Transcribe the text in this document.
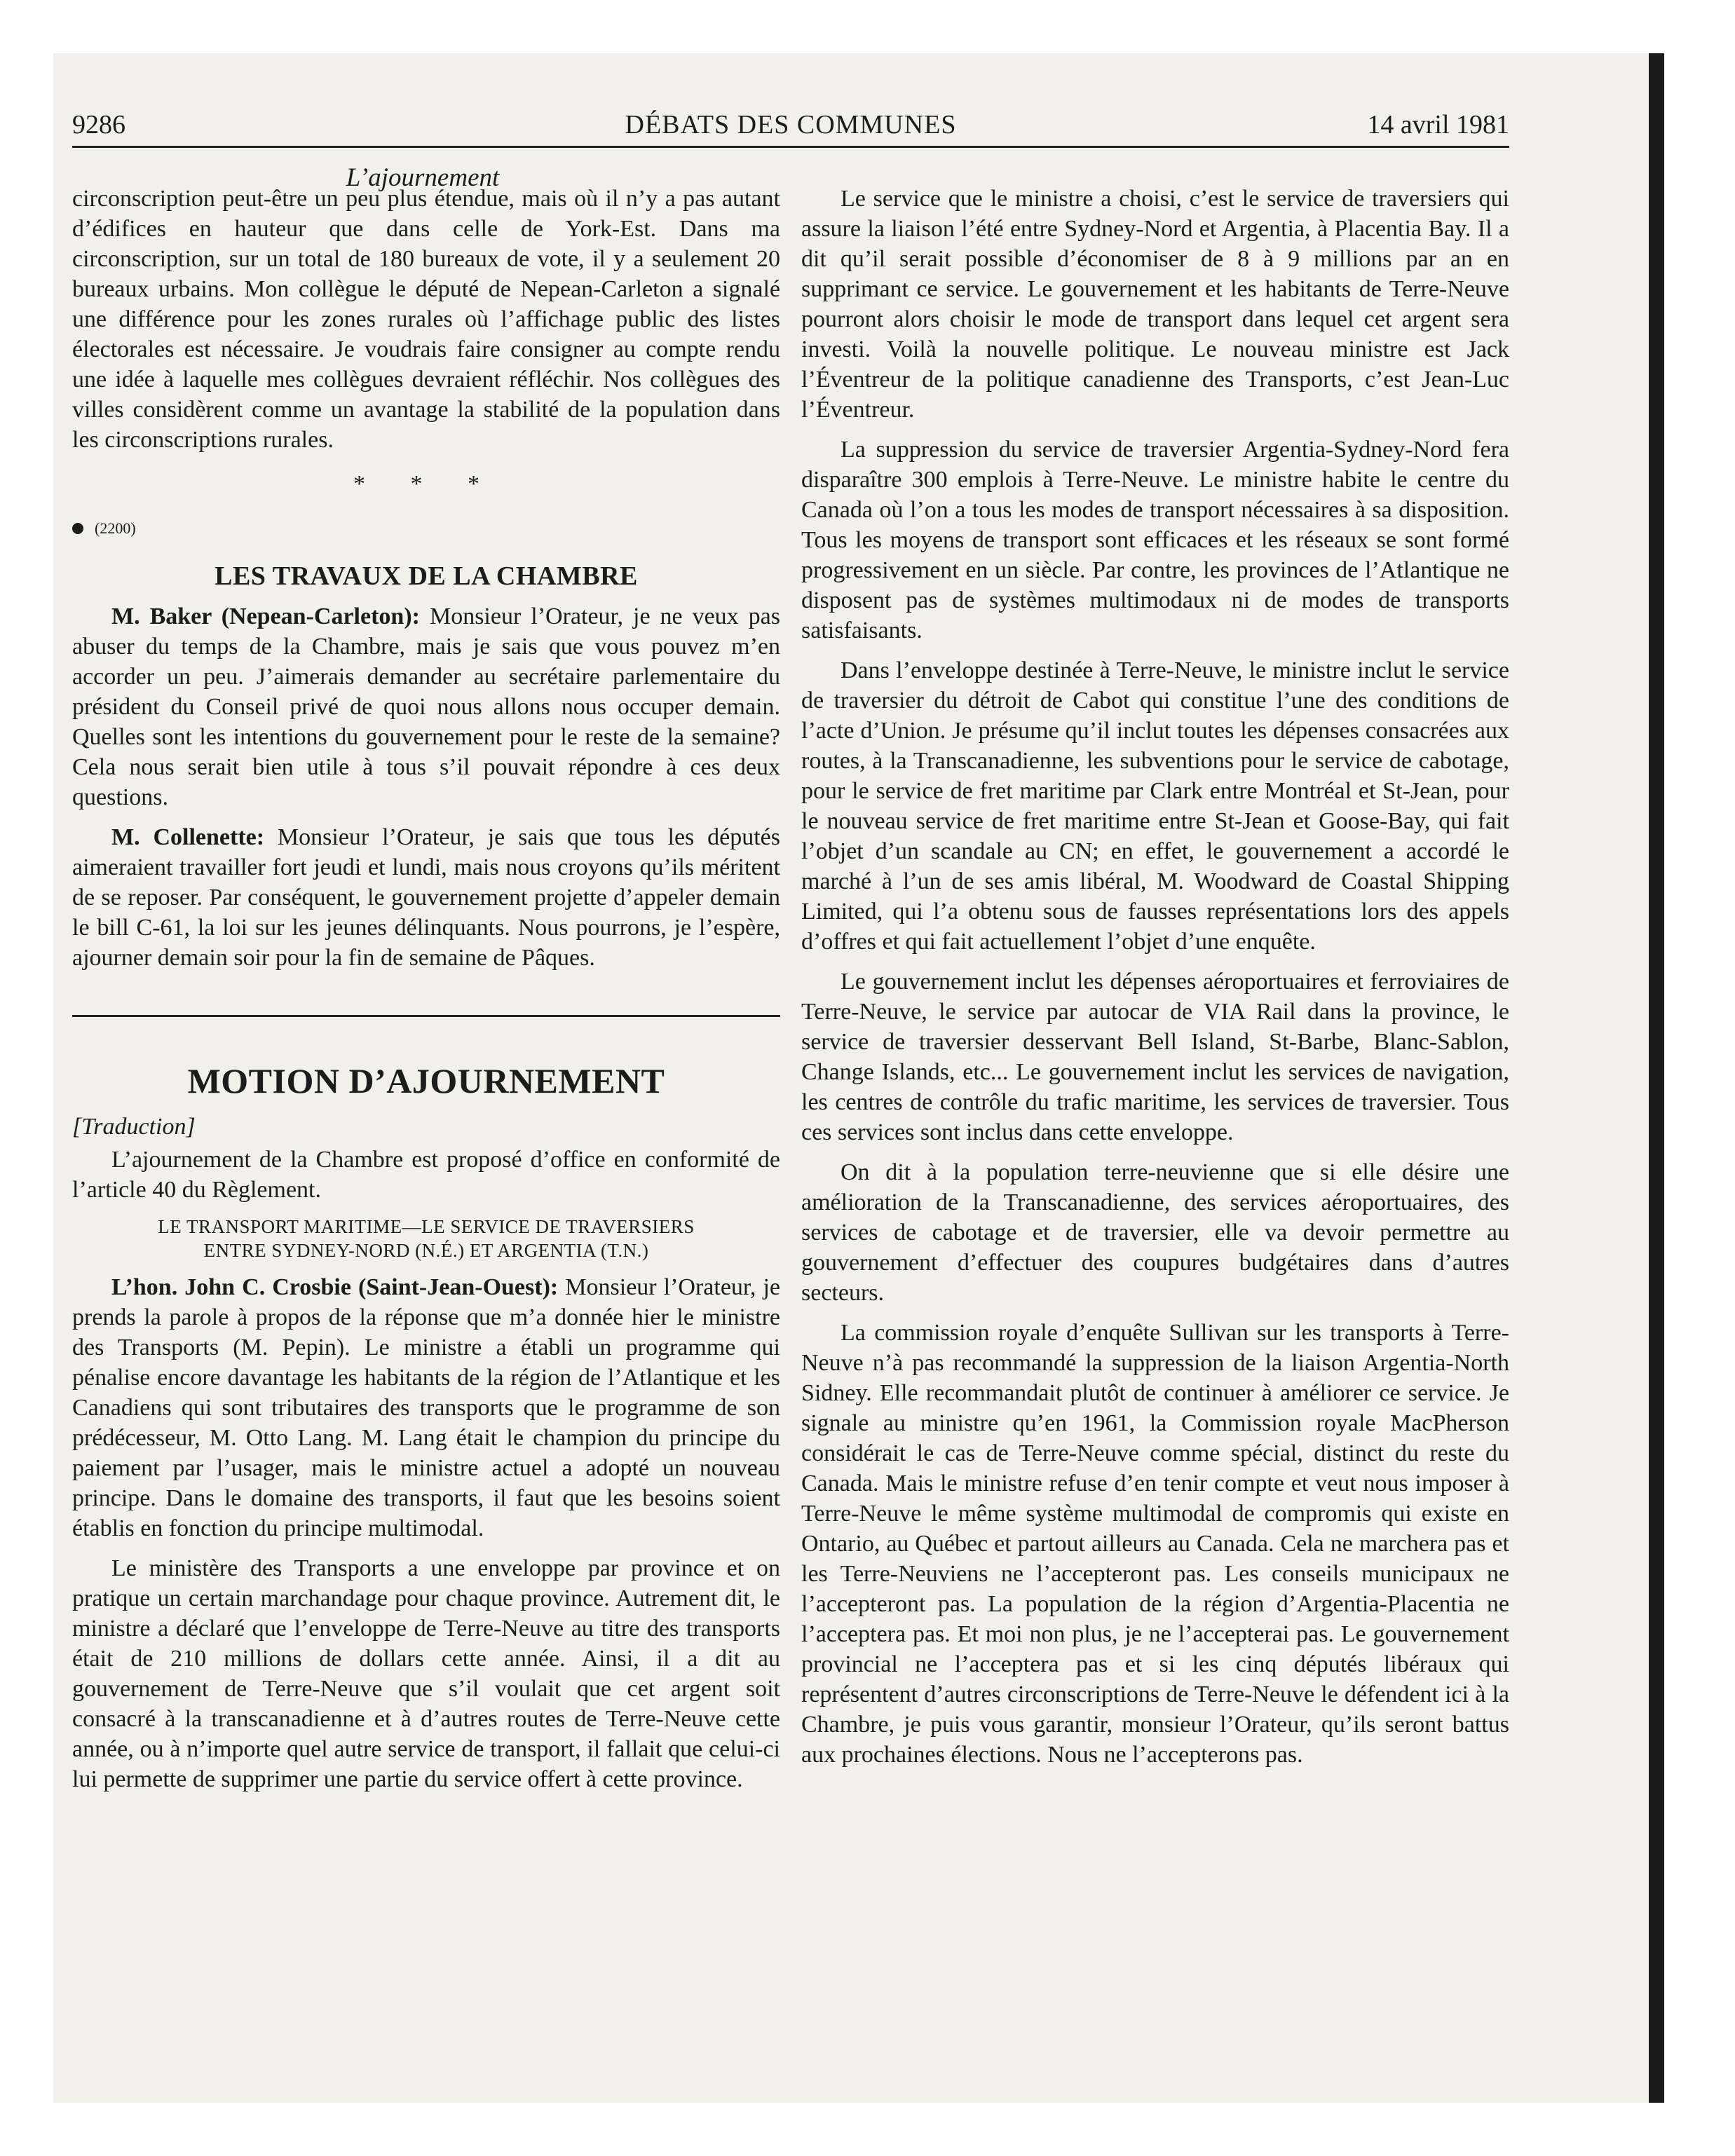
9286	DÉBATS DES COMMUNES	14 avril 1981
L’ajournement

circonscription peut-être un peu plus étendue, mais où il n’y a pas autant d’édifices en hauteur que dans celle de York-Est. Dans ma circonscription, sur un total de 180 bureaux de vote, il y a seulement 20 bureaux urbains. Mon collègue le député de Nepean-Carleton a signalé une différence pour les zones rurales où l’affichage public des listes électorales est nécessaire. Je voudrais faire consigner au compte rendu une idée à laquelle mes collègues devraient réfléchir. Nos collègues des villes considèrent comme un avantage la stabilité de la population dans les circonscriptions rurales.

* * *
(2200)
LES TRAVAUX DE LA CHAMBRE

M. Baker (Nepean-Carleton): Monsieur l’Orateur, je ne veux pas abuser du temps de la Chambre, mais je sais que vous pouvez m’en accorder un peu. J’aimerais demander au secrétaire parlementaire du président du Conseil privé de quoi nous allons nous occuper demain. Quelles sont les intentions du gouvernement pour le reste de la semaine? Cela nous serait bien utile à tous s’il pouvait répondre à ces deux questions.

M. Collenette: Monsieur l’Orateur, je sais que tous les députés aimeraient travailler fort jeudi et lundi, mais nous croyons qu’ils méritent de se reposer. Par conséquent, le gouvernement projette d’appeler demain le bill C-61, la loi sur les jeunes délinquants. Nous pourrons, je l’espère, ajourner demain soir pour la fin de semaine de Pâques.

MOTION D’AJOURNEMENT
[Traduction]

L’ajournement de la Chambre est proposé d’office en conformité de l’article 40 du Règlement.

LE TRANSPORT MARITIME—LE SERVICE DE TRAVERSIERS
ENTRE SYDNEY-NORD (N.É.) ET ARGENTIA (T.N.)

L’hon. John C. Crosbie (Saint-Jean-Ouest): Monsieur l’Orateur, je prends la parole à propos de la réponse que m’a donnée hier le ministre des Transports (M. Pepin). Le ministre a établi un programme qui pénalise encore davantage les habitants de la région de l’Atlantique et les Canadiens qui sont tributaires des transports que le programme de son prédécesseur, M. Otto Lang. M. Lang était le champion du principe du paiement par l’usager, mais le ministre actuel a adopté un nouveau principe. Dans le domaine des transports, il faut que les besoins soient établis en fonction du principe multimodal.

Le ministère des Transports a une enveloppe par province et on pratique un certain marchandage pour chaque province. Autrement dit, le ministre a déclaré que l’enveloppe de Terre-Neuve au titre des transports était de 210 millions de dollars cette année. Ainsi, il a dit au gouvernement de Terre-Neuve que s’il voulait que cet argent soit consacré à la transcanadienne et à d’autres routes de Terre-Neuve cette année, ou à n’importe quel autre service de transport, il fallait que celui-ci lui permette de supprimer une partie du service offert à cette province.

Le service que le ministre a choisi, c’est le service de traversiers qui assure la liaison l’été entre Sydney-Nord et Argentia, à Placentia Bay. Il a dit qu’il serait possible d’économiser de 8 à 9 millions par an en supprimant ce service. Le gouvernement et les habitants de Terre-Neuve pourront alors choisir le mode de transport dans lequel cet argent sera investi. Voilà la nouvelle politique. Le nouveau ministre est Jack l’Éventreur de la politique canadienne des Transports, c’est Jean-Luc l’Éventreur.

La suppression du service de traversier Argentia-Sydney-Nord fera disparaître 300 emplois à Terre-Neuve. Le ministre habite le centre du Canada où l’on a tous les modes de transport nécessaires à sa disposition. Tous les moyens de transport sont efficaces et les réseaux se sont formé progressivement en un siècle. Par contre, les provinces de l’Atlantique ne disposent pas de systèmes multimodaux ni de modes de transports satisfaisants.

Dans l’enveloppe destinée à Terre-Neuve, le ministre inclut le service de traversier du détroit de Cabot qui constitue l’une des conditions de l’acte d’Union. Je présume qu’il inclut toutes les dépenses consacrées aux routes, à la Transcanadienne, les subventions pour le service de cabotage, pour le service de fret maritime par Clark entre Montréal et St-Jean, pour le nouveau service de fret maritime entre St-Jean et Goose-Bay, qui fait l’objet d’un scandale au CN; en effet, le gouvernement a accordé le marché à l’un de ses amis libéral, M. Woodward de Coastal Shipping Limited, qui l’a obtenu sous de fausses représentations lors des appels d’offres et qui fait actuellement l’objet d’une enquête.

Le gouvernement inclut les dépenses aéroportuaires et ferroviaires de Terre-Neuve, le service par autocar de VIA Rail dans la province, le service de traversier desservant Bell Island, St-Barbe, Blanc-Sablon, Change Islands, etc... Le gouvernement inclut les services de navigation, les centres de contrôle du trafic maritime, les services de traversier. Tous ces services sont inclus dans cette enveloppe.

On dit à la population terre-neuvienne que si elle désire une amélioration de la Transcanadienne, des services aéroportuaires, des services de cabotage et de traversier, elle va devoir permettre au gouvernement d’effectuer des coupures budgétaires dans d’autres secteurs.

La commission royale d’enquête Sullivan sur les transports à Terre-Neuve n’à pas recommandé la suppression de la liaison Argentia-North Sidney. Elle recommandait plutôt de continuer à améliorer ce service. Je signale au ministre qu’en 1961, la Commission royale MacPherson considérait le cas de Terre-Neuve comme spécial, distinct du reste du Canada. Mais le ministre refuse d’en tenir compte et veut nous imposer à Terre-Neuve le même système multimodal de compromis qui existe en Ontario, au Québec et partout ailleurs au Canada. Cela ne marchera pas et les Terre-Neuviens ne l’accepteront pas. Les conseils municipaux ne l’accepteront pas. La population de la région d’Argentia-Placentia ne l’acceptera pas. Et moi non plus, je ne l’accepterai pas. Le gouvernement provincial ne l’acceptera pas et si les cinq députés libéraux qui représentent d’autres circonscriptions de Terre-Neuve le défendent ici à la Chambre, je puis vous garantir, monsieur l’Orateur, qu’ils seront battus aux prochaines élections. Nous ne l’accepterons pas.
